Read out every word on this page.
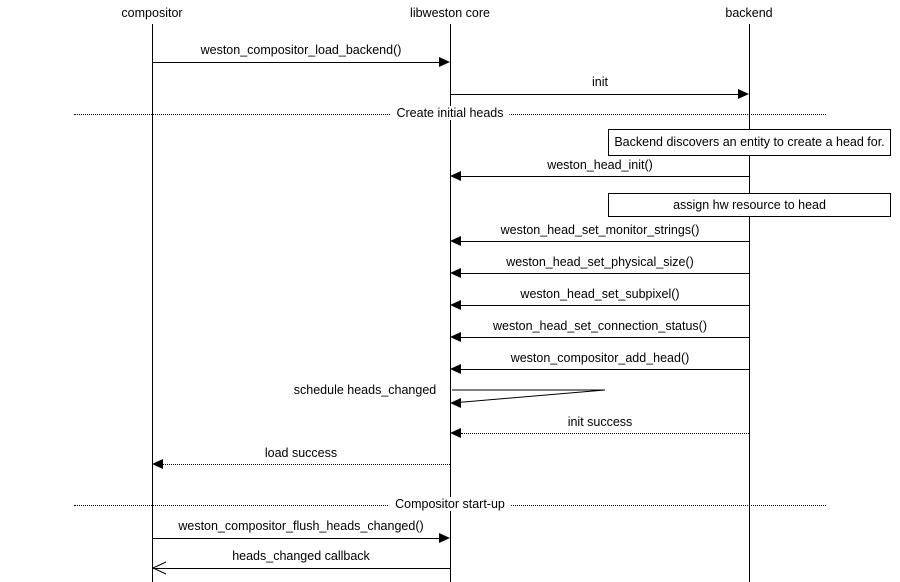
compositor	libweston core	backend
Create initial heads
Compositor start-up
weston_compositor_load_backend()
init
Backend discovers an entity to create a head for.
weston_head_init()
assign hw resource to head
weston_head_set_monitor_strings()
weston_head_set_physical_size()
weston_head_set_subpixel()
weston_head_set_connection_status()
weston_compositor_add_head()
schedule heads_changed
init success
load success
weston_compositor_flush_heads_changed()
heads_changed callback
